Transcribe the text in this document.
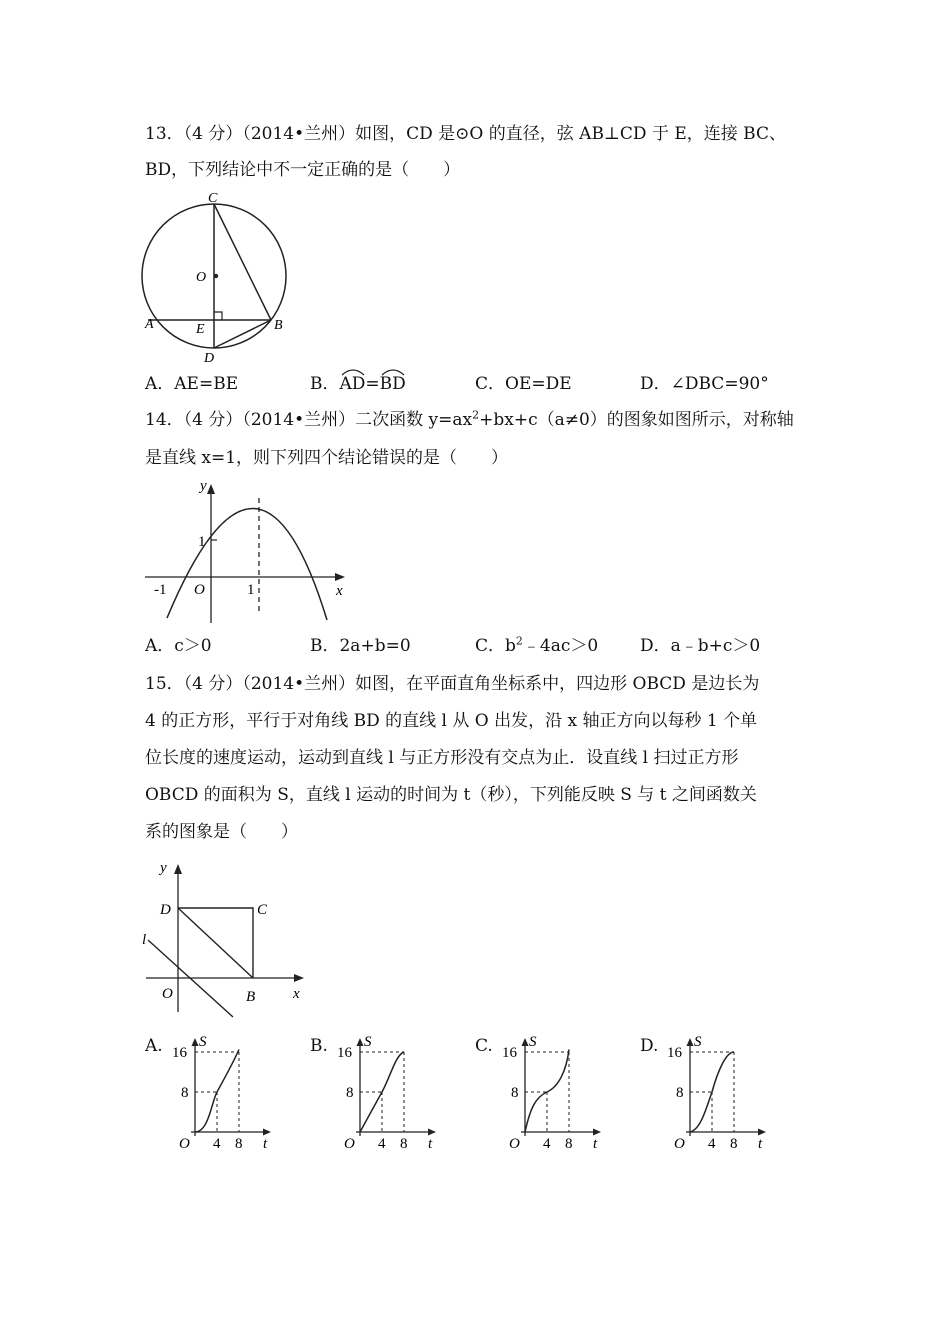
13．（4 分）（2014•兰州）如图，CD 是⊙O 的直径，弦 AB⊥CD 于 E，连接 BC、
BD，下列结论中不一定正确的是（　　）
C
O
A	E	B
D
A．AE=BE	B．
AD=
BD	C．OE=DE	D．∠DBC=90°
14．（4 分）（2014•兰州）二次函数 $y=ax^2+bx+c(a\ne 0)$的图象如图所示，对称轴
是直线 x=1，则下列四个结论错误的是（　　）
y
x
1
1
-1 O
A．c＞0	B．2a+b=0	C．$b^2﹣4ac>0$ D．a﹣b+c＞0
15．（4 分）（2014•兰州）如图，在平面直角坐标系中，四边形 OBCD 是边长为
4 的正方形，平行于对角线 BD 的直线 l 从 O 出发，沿 x 轴正方向以每秒 1 个单
位长度的速度运动，运动到直线 l 与正方形没有交点为止．设直线 l 扫过正方形
OBCD 的面积为 S，直线 l 运动的时间为 t（秒），下列能反映 S 与 t 之间函数关
系的图象是（　　）
y
x
D	C
l
O	B
A. S
t
O
16
8
4 8
B. S
t
O
16
8
4 8
C. S
t
O
16
8
4 8
D. S
t
O
16
8
4 8
